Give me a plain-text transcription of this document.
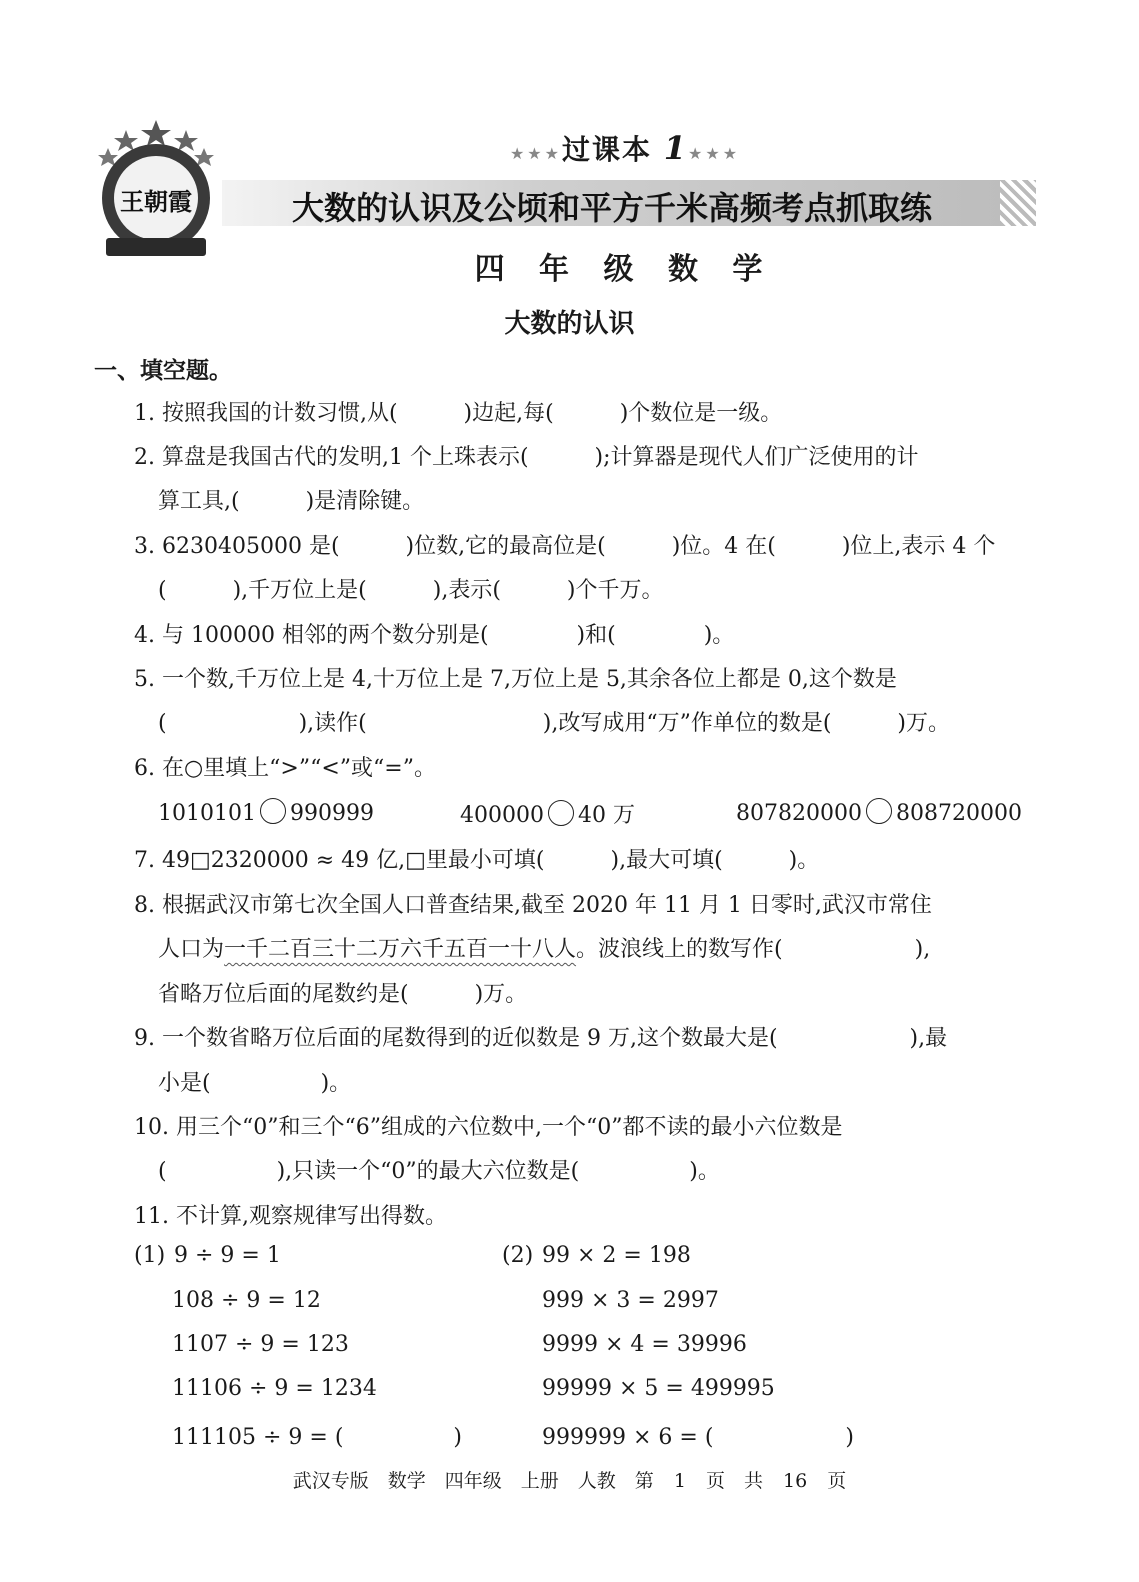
王朝霞
★★★过课本 1★★★
大数的认识及公顷和平方千米高频考点抓取练
四 年 级 数 学
大数的认识
一、填空题。
1. 按照我国的计数习惯,从(　　　)边起,每(　　　)个数位是一级。
2. 算盘是我国古代的发明,1 个上珠表示(　　　);计算器是现代人们广泛使用的计
算工具,(　　　)是清除键。
3. 6230405000 是(　　　)位数,它的最高位是(　　　)位。4 在(　　　)位上,表示 4 个
(　　　),千万位上是(　　　),表示(　　　)个千万。
4. 与 100000 相邻的两个数分别是(　　　　)和(　　　　)。
5. 一个数,千万位上是 4,十万位上是 7,万位上是 5,其余各位上都是 0,这个数是
(　　　　　　),读作(　　　　　　　　),改写成用“万”作单位的数是(　　　)万。
6. 在○里填上“>”“<”或“=”。
1010101 990999	400000 40 万	807820000 808720000
7. 49□2320000 ≈ 49 亿,□里最小可填(　　　),最大可填(　　　)。
8. 根据武汉市第七次全国人口普查结果,截至 2020 年 11 月 1 日零时,武汉市常住
人口为一千二百三十二万六千五百一十八人。波浪线上的数写作(　　　　　　),
省略万位后面的尾数约是(　　　)万。
9. 一个数省略万位后面的尾数得到的近似数是 9 万,这个数最大是(　　　　　　),最
小是(　　　　　)。
10. 用三个“0”和三个“6”组成的六位数中,一个“0”都不读的最小六位数是
(　　　　　),只读一个“0”的最大六位数是(　　　　　)。
11. 不计算,观察规律写出得数。
(1) 9 ÷ 9 = 1
108 ÷ 9 = 12
1107 ÷ 9 = 123
11106 ÷ 9 = 1234
111105 ÷ 9 = (　　　　　)
(2) 99 × 2 = 198
999 × 3 = 2997
9999 × 4 = 39996
99999 × 5 = 499995
999999 × 6 = (　　　　　　)
武汉专版　数学　四年级　上册　人教　第 1 页　共 16 页
